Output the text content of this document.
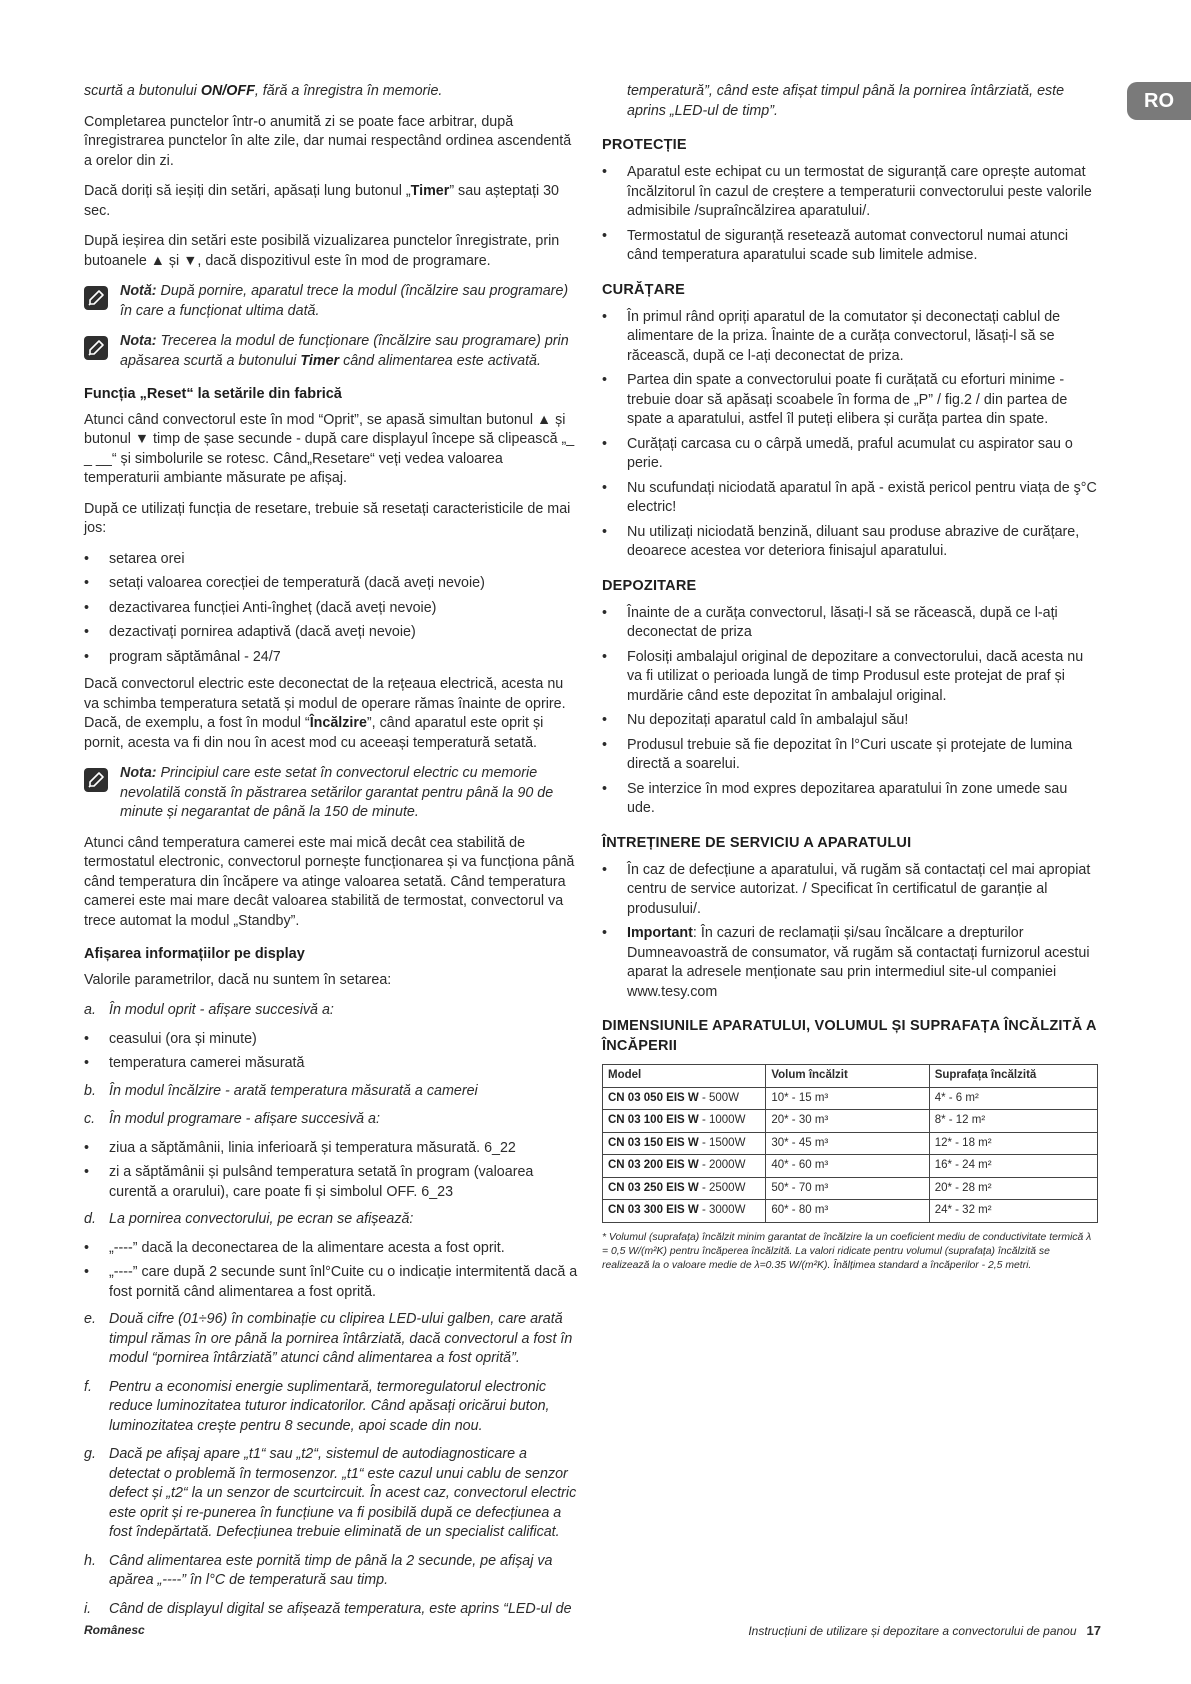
RO

scurtă a butonului ON/OFF, fără a înregistra în memorie.

Completarea punctelor într-o anumită zi se poate face arbitrar, după înregistrarea punctelor în alte zile, dar numai respectând ordinea ascendentă a orelor din zi.

Dacă doriți să ieșiți din setări, apăsați lung butonul „Timer” sau așteptați 30 sec.

După ieșirea din setări este posibilă vizualizarea punctelor înregistrate, prin butoanele ▲ și ▼, dacă dispozitivul este în mod de programare.

Notă: După pornire, aparatul trece la modul (încălzire sau programare) în care a funcționat ultima dată.
Nota: Trecerea la modul de funcționare (încălzire sau programare) prin apăsarea scurtă a butonului Timer când alimentarea este activată.
Funcția „Reset“ la setările din fabrică

Atunci când convectorul este în mod “Oprit”, se apasă simultan butonul ▲ și butonul ▼ timp de șase secunde - după care displayul începe să clipească „_ _ __“ și simbolurile se rotesc. Când„Resetare“ veți vedea valoarea temperaturii ambiante măsurate pe afișaj.

După ce utilizați funcția de resetare, trebuie să resetați caracteristicile de mai jos:

• setarea orei
• setați valoarea corecției de temperatură (dacă aveți nevoie)
• dezactivarea funcției Anti-îngheț (dacă aveți nevoie)
• dezactivați pornirea adaptivă (dacă aveți nevoie)
• program săptămânal - 24/7

Dacă convectorul electric este deconectat de la rețeaua electrică, acesta nu va schimba temperatura setată și modul de operare rămas înainte de oprire. Dacă, de exemplu, a fost în modul “Încălzire”, când aparatul este oprit și pornit, acesta va fi din nou în acest mod cu aceeași temperatură setată.

Nota: Principiul care este setat în convectorul electric cu memorie nevolatilă constă în păstrarea setărilor garantat pentru până la 90 de minute și negarantat de până la 150 de minute.

Atunci când temperatura camerei este mai mică decât cea stabilită de termostatul electronic, convectorul pornește funcționarea și va funcționa până când temperatura din încăpere va atinge valoarea setată. Când temperatura camerei este mai mare decât valoarea stabilită de termostat, convectorul va trece automat la modul „Standby”.

Afișarea informațiilor pe display

Valorile parametrilor, dacă nu suntem în setarea:

a. În modul oprit - afișare succesivă a:
• ceasului (ora și minute)
• temperatura camerei măsurată
b. În modul încălzire - arată temperatura măsurată a camerei
c. În modul programare - afișare succesivă a:
• ziua a săptămânii, linia inferioară și temperatura măsurată. 6_22
• zi a săptămânii și pulsând temperatura setată în program (valoarea curentă a orarului), care poate fi și simbolul OFF. 6_23
d. La pornirea convectorului, pe ecran se afișează:
• „----” dacă la deconectarea de la alimentare acesta a fost oprit.
• „----” care după 2 secunde sunt înl°Cuite cu o indicație intermitentă dacă a fost pornită când alimentarea a fost oprită.
e. Două cifre (01÷96) în combinație cu clipirea LED-ului galben, care arată timpul rămas în ore până la pornirea întârziată, dacă convectorul a fost în modul “pornirea întârziată” atunci când alimentarea a fost oprită”.
f. Pentru a economisi energie suplimentară, termoregulatorul electronic reduce luminozitatea tuturor indicatorilor. Când apăsați oricărui buton, luminozitatea crește pentru 8 secunde, apoi scade din nou.
g. Dacă pe afișaj apare „t1“ sau „t2“, sistemul de autodiagnosticare a detectat o problemă în termosenzor. „t1“ este cazul unui cablu de senzor defect și „t2“ la un senzor de scurtcircuit. În acest caz, convectorul electric este oprit și re-punerea în funcțiune va fi posibilă după ce defecțiunea a fost îndepărtată. Defecțiunea trebuie eliminată de un specialist calificat.
h. Când alimentarea este pornită timp de până la 2 secunde, pe afișaj va apărea „----” în l°C de temperatură sau timp.
i. Când de displayul digital se afișează temperatura, este aprins “LED-ul de

temperatură”, când este afișat timpul până la pornirea întârziată, este aprins „LED-ul de timp”.

PROTECȚIE
• Aparatul este echipat cu un termostat de siguranță care oprește automat încălzitorul în cazul de creștere a temperaturii convectorului peste valorile admisibile /supraîncălzirea aparatului/.
• Termostatul de siguranță resetează automat convectorul numai atunci când temperatura aparatului scade sub limitele admise.
CURĂȚARE
• În primul rând opriți aparatul de la comutator și deconectați cablul de alimentare de la priza. Înainte de a curăța convectorul, lăsați-l să se răcească, după ce l-ați deconectat de priza.
• Partea din spate a convectorului poate fi curățată cu eforturi minime - trebuie doar să apăsați scoabele în forma de „P” / fig.2 / din partea de spate a aparatului, astfel îl puteți elibera și curăța partea din spate.
• Curățați carcasa cu o cârpă umedă, praful acumulat cu aspirator sau o perie.
• Nu scufundați niciodată aparatul în apă - există pericol pentru viața de ş°C electric!
• Nu utilizați niciodată benzină, diluant sau produse abrazive de curățare, deoarece acestea vor deteriora finisajul aparatului.
DEPOZITARE
• Înainte de a curăța convectorul, lăsați-l să se răcească, după ce l-ați deconectat de priza
• Folosiți ambalajul original de depozitare a convectorului, dacă acesta nu va fi utilizat o perioada lungă de timp Produsul este protejat de praf și murdărie când este depozitat în ambalajul original.
• Nu depozitați aparatul cald în ambalajul său!
• Produsul trebuie să fie depozitat în l°Curi uscate și protejate de lumina directă a soarelui.
• Se interzice în mod expres depozitarea aparatului în zone umede sau ude.
ÎNTREȚINERE DE SERVICIU A APARATULUI
• În caz de defecțiune a aparatului, vă rugăm să contactați cel mai apropiat centru de service autorizat. / Specificat în certificatul de garanție al produsului/.
• Important: În cazuri de reclamații și/sau încălcare a drepturilor Dumneavoastră de consumator, vă rugăm să contactați furnizorul acestui aparat la adresele menționate sau prin intermediul site-ul companiei www.tesy.com
DIMENSIUNILE APARATULUI, VOLUMUL ȘI SUPRAFAȚA ÎNCĂLZITĂ A ÎNCĂPERII
Model	Volum încălzit	Suprafața încălzită
CN 03 050 EIS W - 500W	10* - 15 m³	4* - 6 m²
CN 03 100 EIS W - 1000W	20* - 30 m³	8* - 12 m²
CN 03 150 EIS W - 1500W	30* - 45 m³	12* - 18 m²
CN 03 200 EIS W - 2000W	40* - 60 m³	16* - 24 m²
CN 03 250 EIS W - 2500W	50* - 70 m³	20* - 28 m²
CN 03 300 EIS W - 3000W	60* - 80 m³	24* - 32 m²
* Volumul (suprafața) încălzit minim garantat de încălzire la un coeficient mediu de conductivitate termică λ = 0,5 W/(m²K) pentru încăperea încălzită. La valori ridicate pentru volumul (suprafața) încălzită se realizează la o valoare medie de λ=0.35 W/(m²K). Înălțimea standard a încăperilor - 2,5 metri.
Românesc	Instrucțiuni de utilizare și depozitare a convectorului de panou 17
